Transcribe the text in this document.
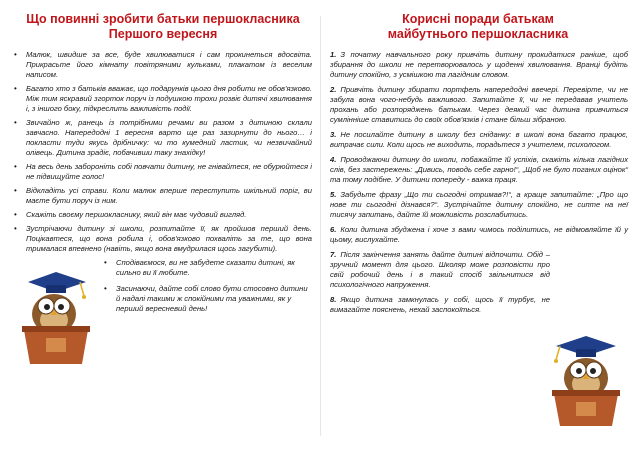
Що повинні зробити батьки першокласника
Першого вересня
• Малюк, швидше за все, буде хвилюватися і сам прокинеться вдосвіта. Прикрасьте його кімнату повітряними кульками, плакатом із веселим написом.
• Багато хто з батьків вважає, що подарунків цього дня робити не обов'язково. Між тим яскравий згорток поруч із подушкою трохи розвіє дитячі хвилювання і, з іншого боку, підкреслить важливість події.
• Звичайно ж, ранець із потрібними речами ви разом з дитиною склали завчасно. Напередодні 1 вересня варто ще раз зазирнути до нього… і покласти туди якусь дрібничку: чи то кумедний ластик, чи незвичайний олівець. Дитина зрадіє, побачивши таку знахідку!
• На весь день забороніть собі повчати дитину, не гнівайтеся, не обурюйтеся і не підвищуйте голос!
• Відкладіть усі справи. Коли малюк вперше переступить шкільний поріг, ви маєте бути поруч із ним.
• Скажіть своєму першокласнику, який він має чудовий вигляд.
• Зустрічаючи дитину зі школи, розпитайте її, як пройшов перший день. Поцікавтеся, що вона робила і, обов'язково похваліть за те, що вона трималася впевнено (навіть, якщо вона вмудрилася щось загубити).
• Сподіваємося, ви не забудете сказати дитині, як сильно ви її любите.
• Засинаючи, дайте собі слово бути стосовно дитини й надалі такими ж спокійними та уважними, як у перший вересневий день!
Корисні поради батькам
майбутнього першокласника
1. З початку навчального року привчіть дитину прокидатися раніше, щоб збирання до школи не перетворювалось у щоденні хвилювання. Вранці будіть дитину спокійно, з усмішкою та лагідним словом.
2. Привчіть дитину збирати портфель напередодні ввечері. Перевірте, чи не забула вона чого-небудь важливого. Запитайте її, чи не передавав учитель прохань або розпоряджень батькам. Через деякий час дитина привчиться сумлінніше ставитись до своїх обов'язків і стане більш зібраною.
3. Не посилайте дитину в школу без сніданку: в школі вона багато працює, витрачає сили. Коли щось не виходить, порадьтеся з учителем, психологом.
4. Проводжаючи дитину до школи, побажайте їй успіхів, скажіть кілька лагідних слів, без застережень: „Дивись, поводь себе гарно!“, „Щоб не було поганих оцінок“ та тому подібне. У дитини попереду - важка праця.
5. Забудьте фразу „Що ти сьогодні отримав?!“, а краще запитайте: „Про що нове ти сьогодні дізнався?“. Зустрічайте дитину спокійно, не сипте на неї тисячу запитань, дайте їй можливість розслабитись.
6. Коли дитина збуджена і хоче з вами чимось поділитись, не відмовляйте їй у цьому, вислухайте.
7. Після закінчення занять дайте дитині відпочити. Обід – зручний момент для цього. Школяр може розповісти про свій робочий день і в такий спосіб звільнитися від психологічного напруження.
8. Якщо дитина замкнулась у собі, щось її турбує, не вимагайте пояснень, нехай заспокоїться.
